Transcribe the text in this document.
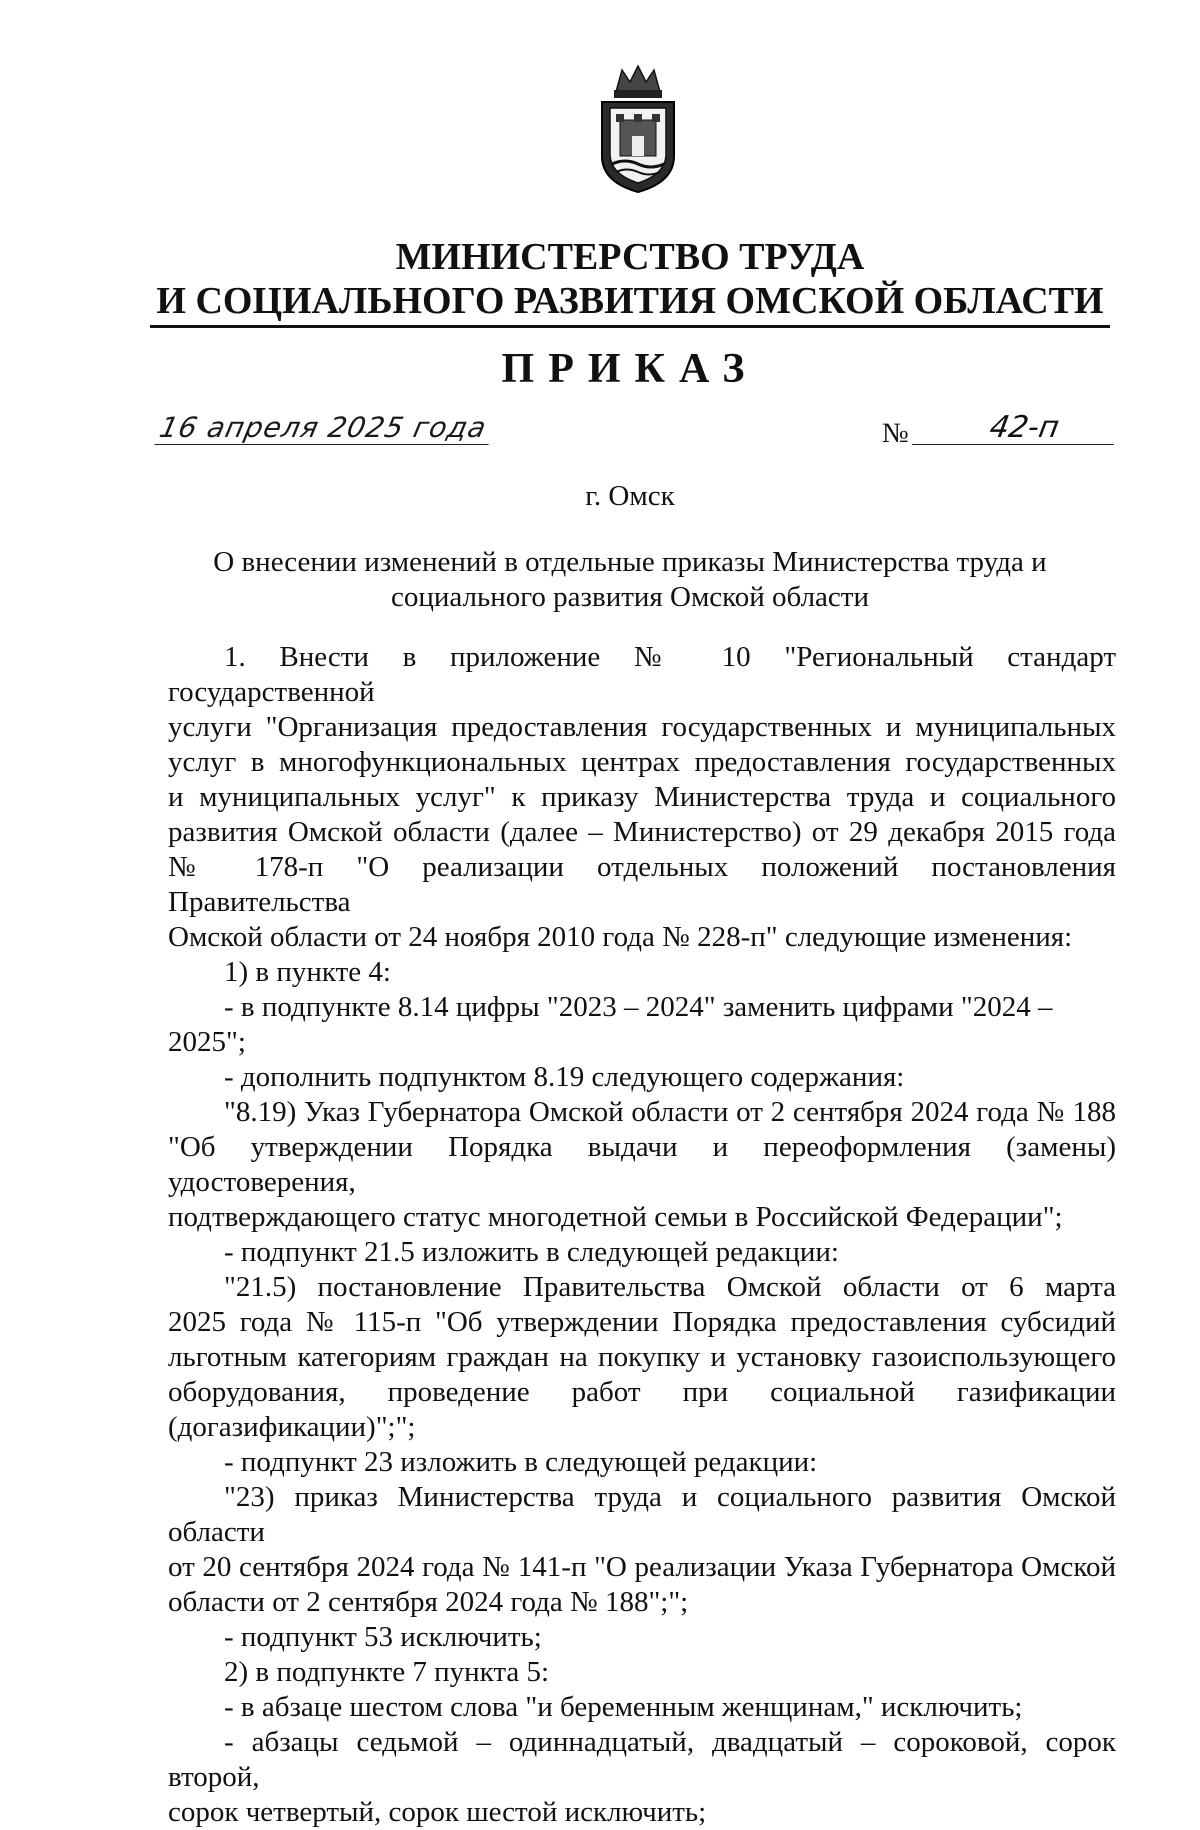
МИНИСТЕРСТВО ТРУДА
И СОЦИАЛЬНОГО РАЗВИТИЯ ОМСКОЙ ОБЛАСТИ
ПРИКАЗ
16 апреля 2025 года	№	42-п
г. Омск
О внесении изменений в отдельные приказы Министерства труда и
социального развития Омской области

1. Внести в приложение № 10 "Региональный стандарт государственной

услуги "Организация предоставления государственных и муниципальных

услуг в многофункциональных центрах предоставления государственных

и муниципальных услуг" к приказу Министерства труда и социального

развития Омской области (далее – Министерство) от 29 декабря 2015 года

№ 178-п "О реализации отдельных положений постановления Правительства

Омской области от 24 ноября 2010 года № 228-п" следующие изменения:

1) в пункте 4:

- в подпункте 8.14 цифры "2023 – 2024" заменить цифрами "2024 – 2025";

- дополнить подпунктом 8.19 следующего содержания:

"8.19) Указ Губернатора Омской области от 2 сентября 2024 года № 188

"Об утверждении Порядка выдачи и переоформления (замены) удостоверения,

подтверждающего статус многодетной семьи в Российской Федерации";

- подпункт 21.5 изложить в следующей редакции:

"21.5) постановление Правительства Омской области от 6 марта

2025 года № 115-п "Об утверждении Порядка предоставления субсидий

льготным категориям граждан на покупку и установку газоиспользующего

оборудования, проведение работ при социальной газификации

(догазификации)";";

- подпункт 23 изложить в следующей редакции:

"23) приказ Министерства труда и социального развития Омской области

от 20 сентября 2024 года № 141-п "О реализации Указа Губернатора Омской

области от 2 сентября 2024 года № 188";";

- подпункт 53 исключить;

2) в подпункте 7 пункта 5:

- в абзаце шестом слова "и беременным женщинам," исключить;

- абзацы седьмой – одиннадцатый, двадцатый – сороковой, сорок второй,

сорок четвертый, сорок шестой исключить;
